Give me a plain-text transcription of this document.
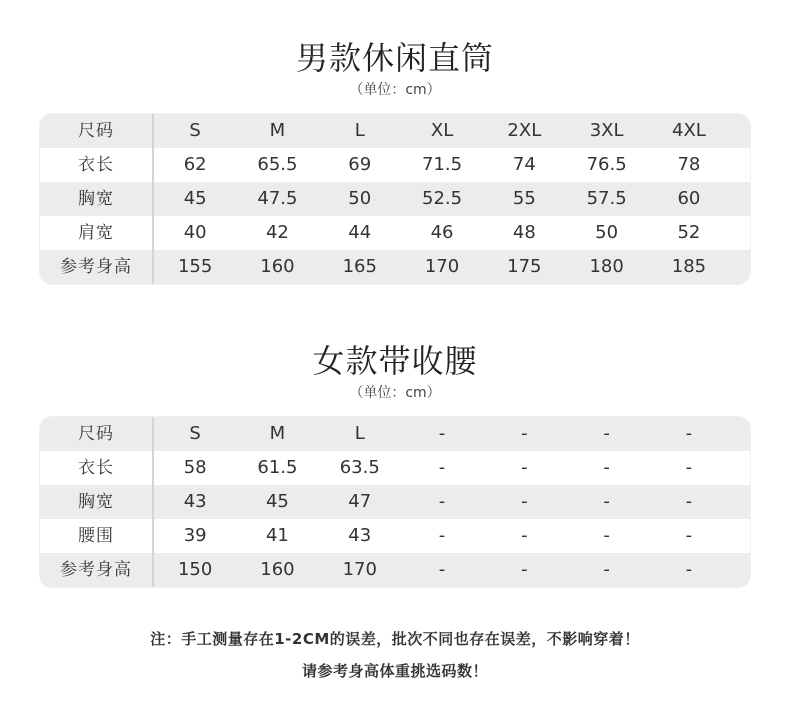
男款休闲直筒
（单位：cm）
尺码	S	M	L	XL	2XL	3XL	4XL
衣长	62	65.5	69	71.5	74	76.5	78
胸宽	45	47.5	50	52.5	55	57.5	60
肩宽	40	42	44	46	48	50	52
参考身高	155	160	165	170	175	180	185
女款带收腰
（单位：cm）
尺码	S	M	L	-	-	-	-
衣长	58	61.5	63.5	-	-	-	-
胸宽	43	45	47	-	-	-	-
腰围	39	41	43	-	-	-	-
参考身高	150	160	170	-	-	-	-
注：手工测量存在1-2CM的误差，批次不同也存在误差，不影响穿着！
请参考身高体重挑选码数！
